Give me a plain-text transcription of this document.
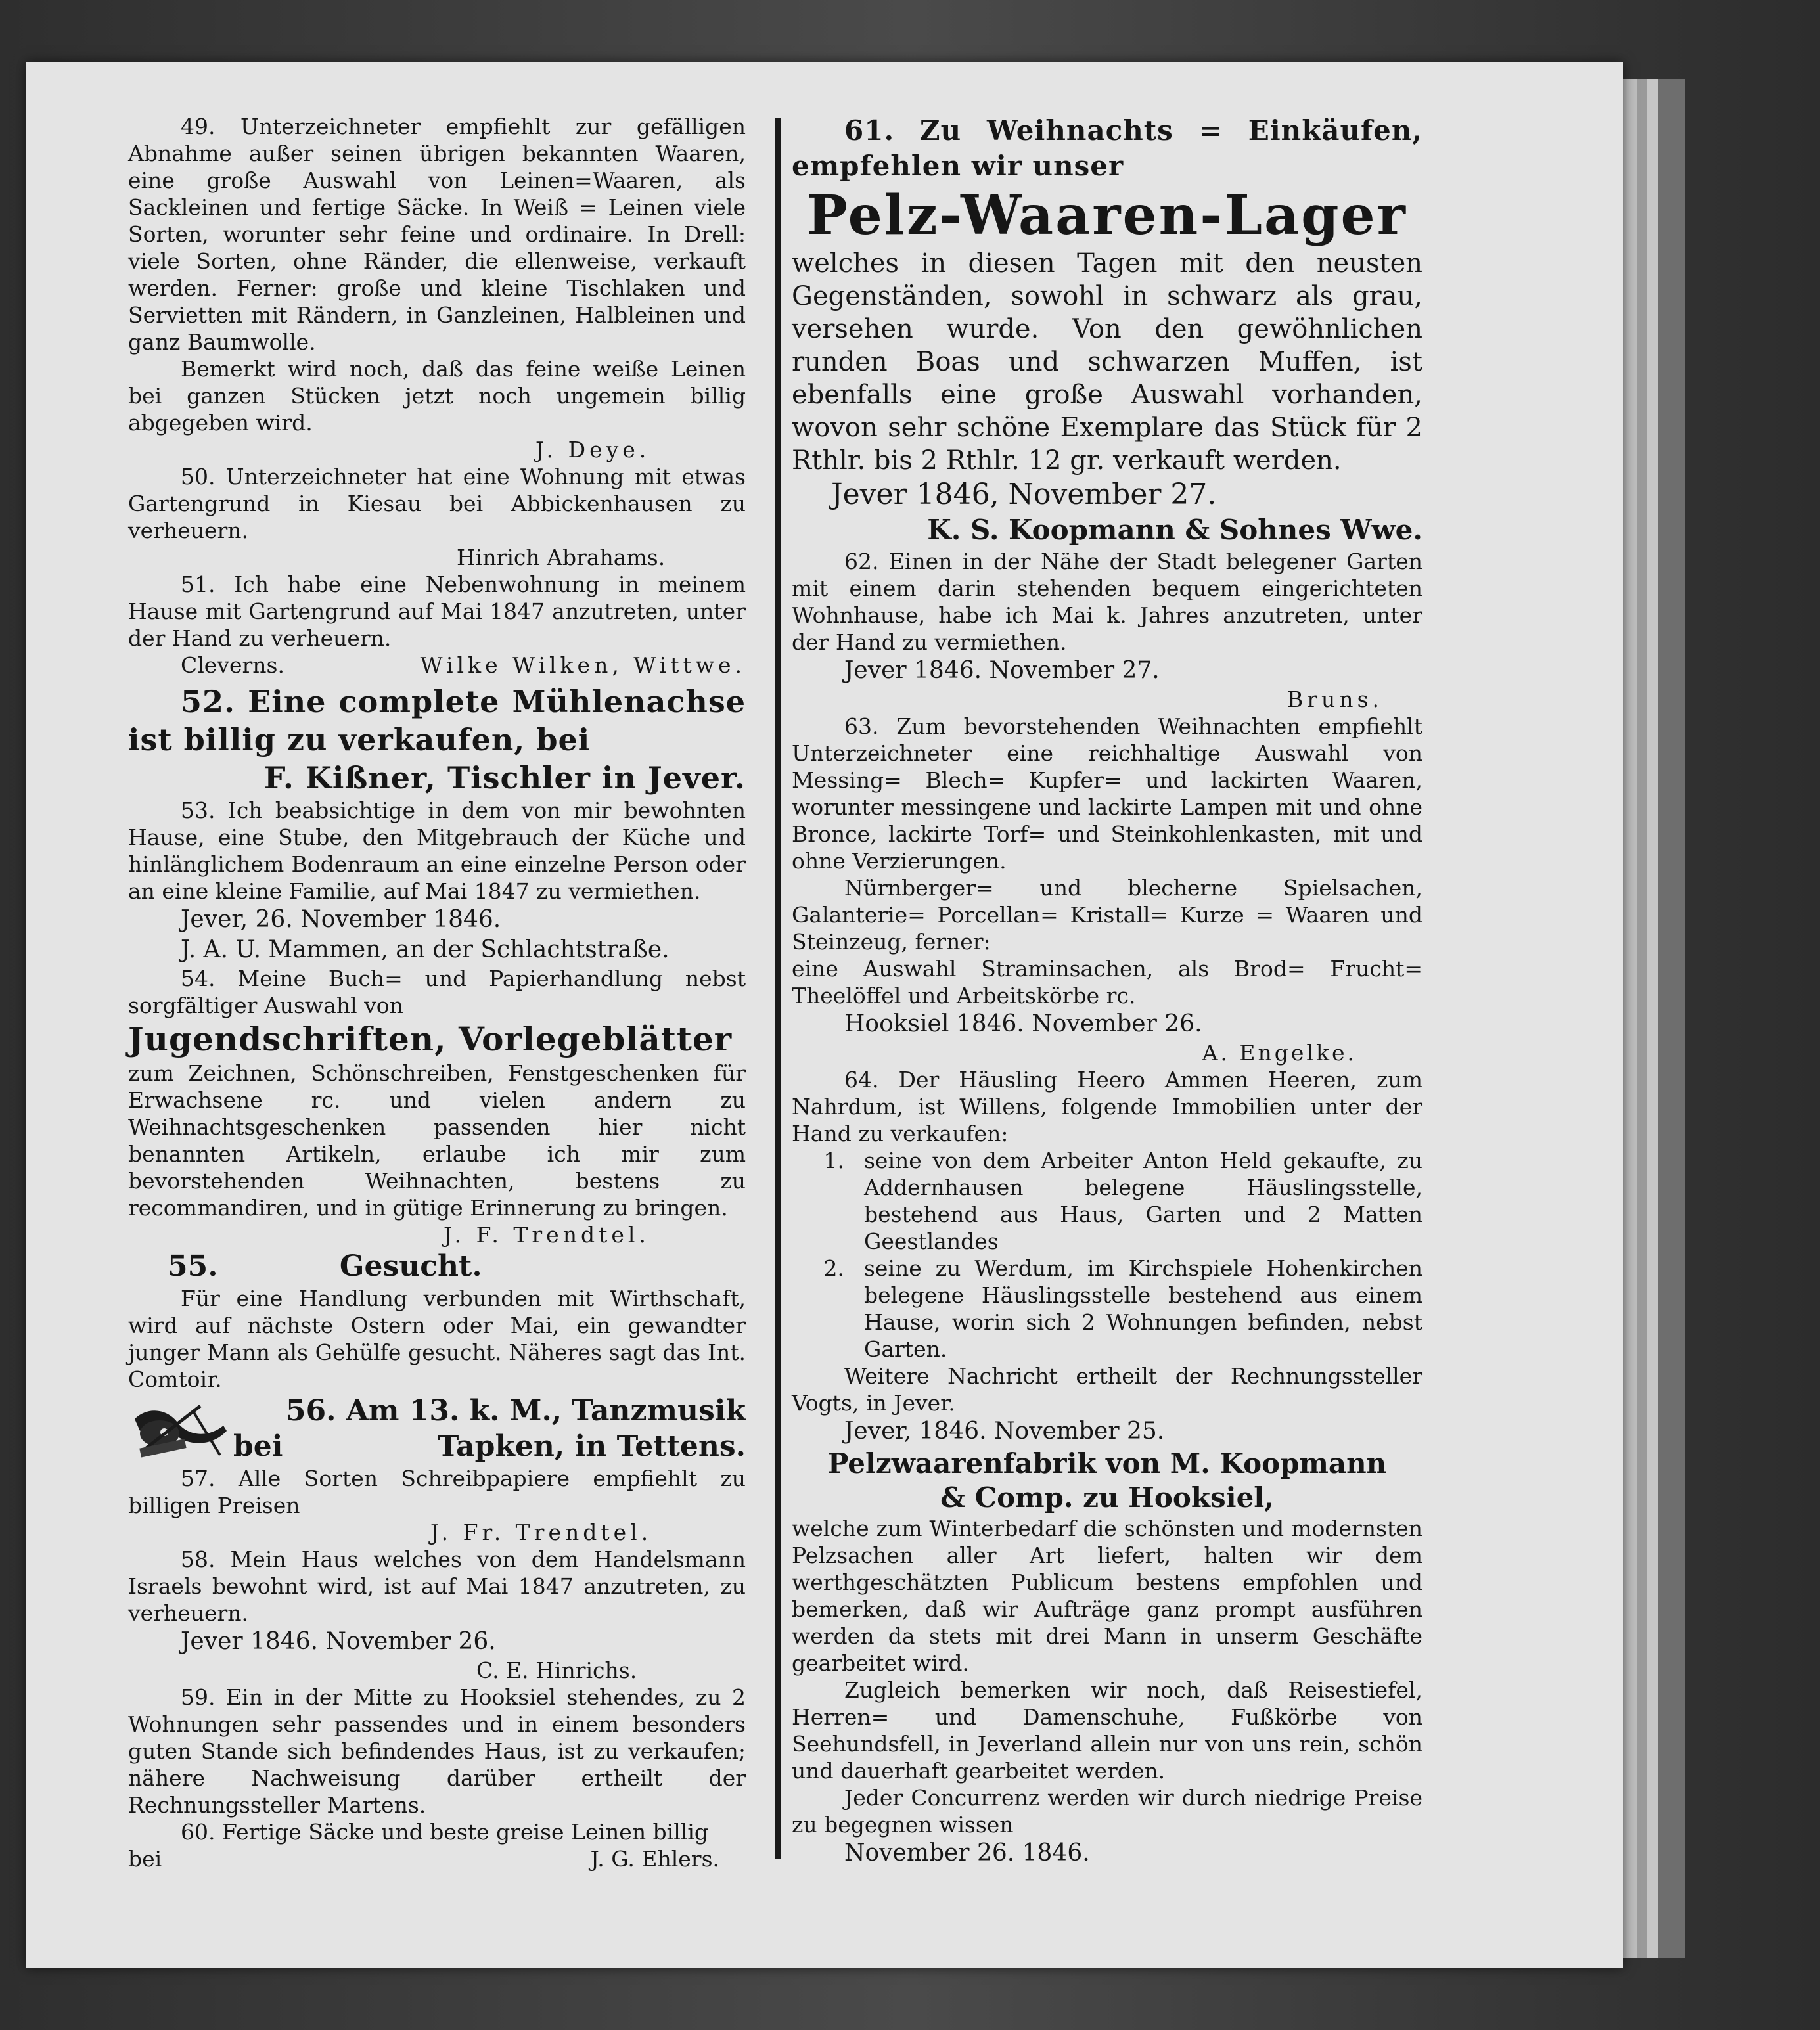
49. Unterzeichneter empfiehlt zur gefälligen Abnahme außer seinen übrigen bekannten Waaren, eine große Auswahl von Leinen=Waaren, als Sackleinen und fertige Säcke. In Weiß = Leinen viele Sorten, worunter sehr feine und ordinaire. In Drell: viele Sorten, ohne Ränder, die ellenweise, verkauft werden. Ferner: große und kleine Tischlaken und Servietten mit Rändern, in Ganzleinen, Halbleinen und ganz Baumwolle.

Bemerkt wird noch, daß das feine weiße Leinen bei ganzen Stücken jetzt noch ungemein billig abgegeben wird.

J. Deye.

50. Unterzeichneter hat eine Wohnung mit etwas Gartengrund in Kiesau bei Abbickenhausen zu verheuern.

Hinrich Abrahams.

51. Ich habe eine Nebenwohnung in meinem Hause mit Gartengrund auf Mai 1847 anzutreten, unter der Hand zu verheuern.

Cleverns.	Wilke Wilken, Wittwe.

52. Eine complete Mühlenachse ist billig zu verkaufen, bei

F. Kißner, Tischler in Jever.

53. Ich beabsichtige in dem von mir bewohnten Hause, eine Stube, den Mitgebrauch der Küche und hinlänglichem Bodenraum an eine einzelne Person oder an eine kleine Familie, auf Mai 1847 zu vermiethen.

Jever, 26. November 1846.
J. A. U. Mammen, an der Schlachtstraße.

54. Meine Buch= und Papierhandlung nebst sorgfältiger Auswahl von

Jugendschriften, Vorlegeblätter

zum Zeichnen, Schönschreiben, Fenstgeschenken für Erwachsene rc. und vielen andern zu Weihnachtsgeschenken passenden hier nicht benannten Artikeln, erlaube ich mir zum bevorstehenden Weihnachten, bestens zu recommandiren, und in gütige Erinnerung zu bringen.

J. F. Trendtel.
55.	Gesucht.

Für eine Handlung verbunden mit Wirthschaft, wird auf nächste Ostern oder Mai, ein gewandter junger Mann als Gehülfe gesucht. Näheres sagt das Int. Comtoir.

56. Am 13. k. M., Tanzmusik
bei	Tapken, in Tettens.

57. Alle Sorten Schreibpapiere empfiehlt zu billigen Preisen

J. Fr. Trendtel.

58. Mein Haus welches von dem Handelsmann Israels bewohnt wird, ist auf Mai 1847 anzutreten, zu verheuern.

Jever 1846. November 26.
C. E. Hinrichs.

59. Ein in der Mitte zu Hooksiel stehendes, zu 2 Wohnungen sehr passendes und in einem besonders guten Stande sich befindendes Haus, ist zu verkaufen; nähere Nachweisung darüber ertheilt der Rechnungssteller Martens.

60. Fertige Säcke und beste greise Leinen billig

bei	J. G. Ehlers.

61. Zu Weihnachts = Einkäufen, empfehlen wir unser

Pelz-Waaren-Lager

welches in diesen Tagen mit den neusten Gegenständen, sowohl in schwarz als grau, versehen wurde. Von den gewöhnlichen runden Boas und schwarzen Muffen, ist ebenfalls eine große Auswahl vorhanden, wovon sehr schöne Exemplare das Stück für 2 Rthlr. bis 2 Rthlr. 12 gr. verkauft werden.

Jever 1846, November 27.
K. S. Koopmann & Sohnes Wwe.

62. Einen in der Nähe der Stadt belegener Garten mit einem darin stehenden bequem eingerichteten Wohnhause, habe ich Mai k. Jahres anzutreten, unter der Hand zu vermiethen.

Jever 1846. November 27.
Bruns.

63. Zum bevorstehenden Weihnachten empfiehlt Unterzeichneter eine reichhaltige Auswahl von Messing= Blech= Kupfer= und lackirten Waaren, worunter messingene und lackirte Lampen mit und ohne Bronce, lackirte Torf= und Steinkohlenkasten, mit und ohne Verzierungen.

Nürnberger= und blecherne Spielsachen, Galanterie= Porcellan= Kristall= Kurze = Waaren und Steinzeug, ferner:

eine Auswahl Straminsachen, als Brod= Frucht= Theelöffel und Arbeitskörbe rc.

Hooksiel 1846. November 26.
A. Engelke.

64. Der Häusling Heero Ammen Heeren, zum Nahrdum, ist Willens, folgende Immobilien unter der Hand zu verkaufen:

1. seine von dem Arbeiter Anton Held gekaufte, zu Addernhausen belegene Häuslingsstelle, bestehend aus Haus, Garten und 2 Matten Geestlandes
2. seine zu Werdum, im Kirchspiele Hohenkirchen belegene Häuslingsstelle bestehend aus einem Hause, worin sich 2 Wohnungen befinden, nebst Garten.

Weitere Nachricht ertheilt der Rechnungssteller Vogts, in Jever.

Jever, 1846. November 25.
Pelzwaarenfabrik von M. Koopmann & Comp. zu Hooksiel,

welche zum Winterbedarf die schönsten und modernsten Pelzsachen aller Art liefert, halten wir dem werthgeschätzten Publicum bestens empfohlen und bemerken, daß wir Aufträge ganz prompt ausführen werden da stets mit drei Mann in unserm Geschäfte gearbeitet wird.

Zugleich bemerken wir noch, daß Reisestiefel, Herren= und Damenschuhe, Fußkörbe von Seehundsfell, in Jeverland allein nur von uns rein, schön und dauerhaft gearbeitet werden.

Jeder Concurrenz werden wir durch niedrige Preise zu begegnen wissen

November 26. 1846.
